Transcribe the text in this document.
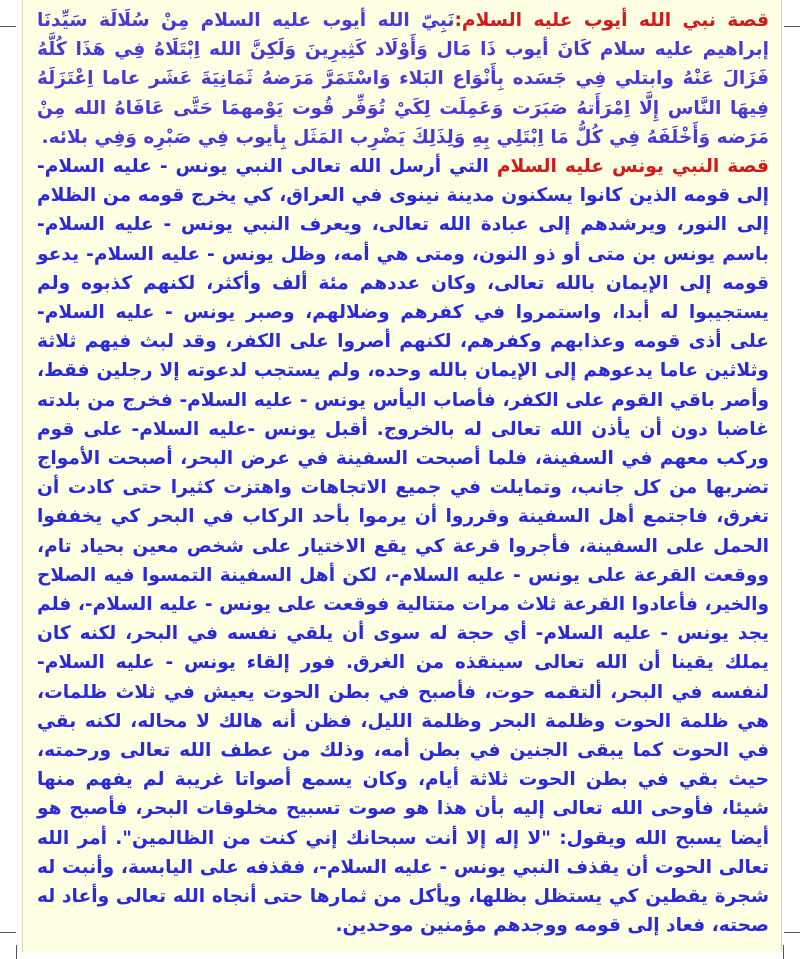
قصة نبي الله أيوب عليه السلام:نَبِيّ الله أيوب عليه السلام مِنْ سُلَالَة سَيِّدنَا إبراهيم عليه سلام كَانَ أيوب ذَا مَال وَأَوْلَاد كَثِيرِينَ وَلَكِنَّ الله اِبْتَلَاهُ فِي هَذَا كُلَّهُ فَزَالَ عَنْهُ وابتلي فِي جَسَده بِأَنْوَاع البَلاء وَاسْتَمَرَّ مَرَضهُ ثَمَانِيَةَ عَشَر عاما اِعْتَزَلَهُ فِيهَا النَّاس إِلَّا اِمْرَأَتهُ صَبَرَت وَعَمِلَت لِكَيْ تُوَفِّر قُوت يَوْمهمَا حَتَّى عَافَاهُ الله مِنْ مَرَضه وَأَخْلَفَهُ فِي كُلُّ مَا اِبْتَلِي بِهِ وَلِذَلِكَ يَضْرِب المَثَل بِأيوب فِي صَبْرِه وَفِي بلائه.

قصة النبي يونس عليه السلام التي أرسل الله تعالى النبي يونس - عليه السلام- إلى قومه الذين كانوا يسكنون مدينة نينوى في العراق، كي يخرج قومه من الظلام إلى النور، ويرشدهم إلى عبادة الله تعالى، ويعرف النبي يونس - عليه السلام- باسم يونس بن متى أو ذو النون، ومتى هي أمه، وظل يونس - عليه السلام- يدعو قومه إلى الإيمان بالله تعالى، وكان عددهم مئة ألف وأكثر، لكنهم كذبوه ولم يستجيبوا له أبدا، واستمروا في كفرهم وضلالهم، وصبر يونس - عليه السلام- على أذى قومه وعذابهم وكفرهم، لكنهم أصروا على الكفر، وقد لبث فيهم ثلاثة وثلاثين عاما يدعوهم إلى الإيمان بالله وحده، ولم يستجب لدعوته إلا رجلين فقط، وأصر باقي القوم على الكفر، فأصاب اليأس يونس - عليه السلام- فخرج من بلدته غاضبا دون أن يأذن الله تعالى له بالخروج. أقبل يونس -عليه السلام- على قوم وركب معهم في السفينة، فلما أصبحت السفينة في عرض البحر، أصبحت الأمواج تضربها من كل جانب، وتمايلت في جميع الاتجاهات واهتزت كثيرا حتى كادت أن تغرق، فاجتمع أهل السفينة وقرروا أن يرموا بأحد الركاب في البحر كي يخففوا الحمل على السفينة، فأجروا قرعة كي يقع الاختيار على شخص معين بحياد تام، ووقعت القرعة على يونس - عليه السلام-، لكن أهل السفينة التمسوا فيه الصلاح والخير، فأعادوا القرعة ثلاث مرات متتالية فوقعت على يونس - عليه السلام-، فلم يجد يونس - عليه السلام- أي حجة له سوى أن يلقي نفسه في البحر، لكنه كان يملك يقينا أن الله تعالى سينقذه من الغرق. فور إلقاء يونس - عليه السلام- لنفسه في البحر، ألتقمه حوت، فأصبح في بطن الحوت يعيش في ثلاث ظلمات، هي ظلمة الحوت وظلمة البحر وظلمة الليل، فظن أنه هالك لا محاله، لكنه بقي في الحوت كما يبقى الجنين في بطن أمه، وذلك من عطف الله تعالى ورحمته، حيث بقي في بطن الحوت ثلاثة أيام، وكان يسمع أصواتا غريبة لم يفهم منها شيئا، فأوحى الله تعالى إليه بأن هذا هو صوت تسبيح مخلوقات البحر، فأصبح هو أيضا يسبح الله ويقول: "لا إله إلا أنت سبحانك إني كنت من الظالمين". أمر الله تعالى الحوت أن يقذف النبي يونس - عليه السلام-، فقذفه على اليابسة، وأنبت له شجرة يقطين كي يستظل بظلها، ويأكل من ثمارها حتى أنجاه الله تعالى وأعاد له صحته، فعاد إلى قومه ووجدهم مؤمنين موحدين.
